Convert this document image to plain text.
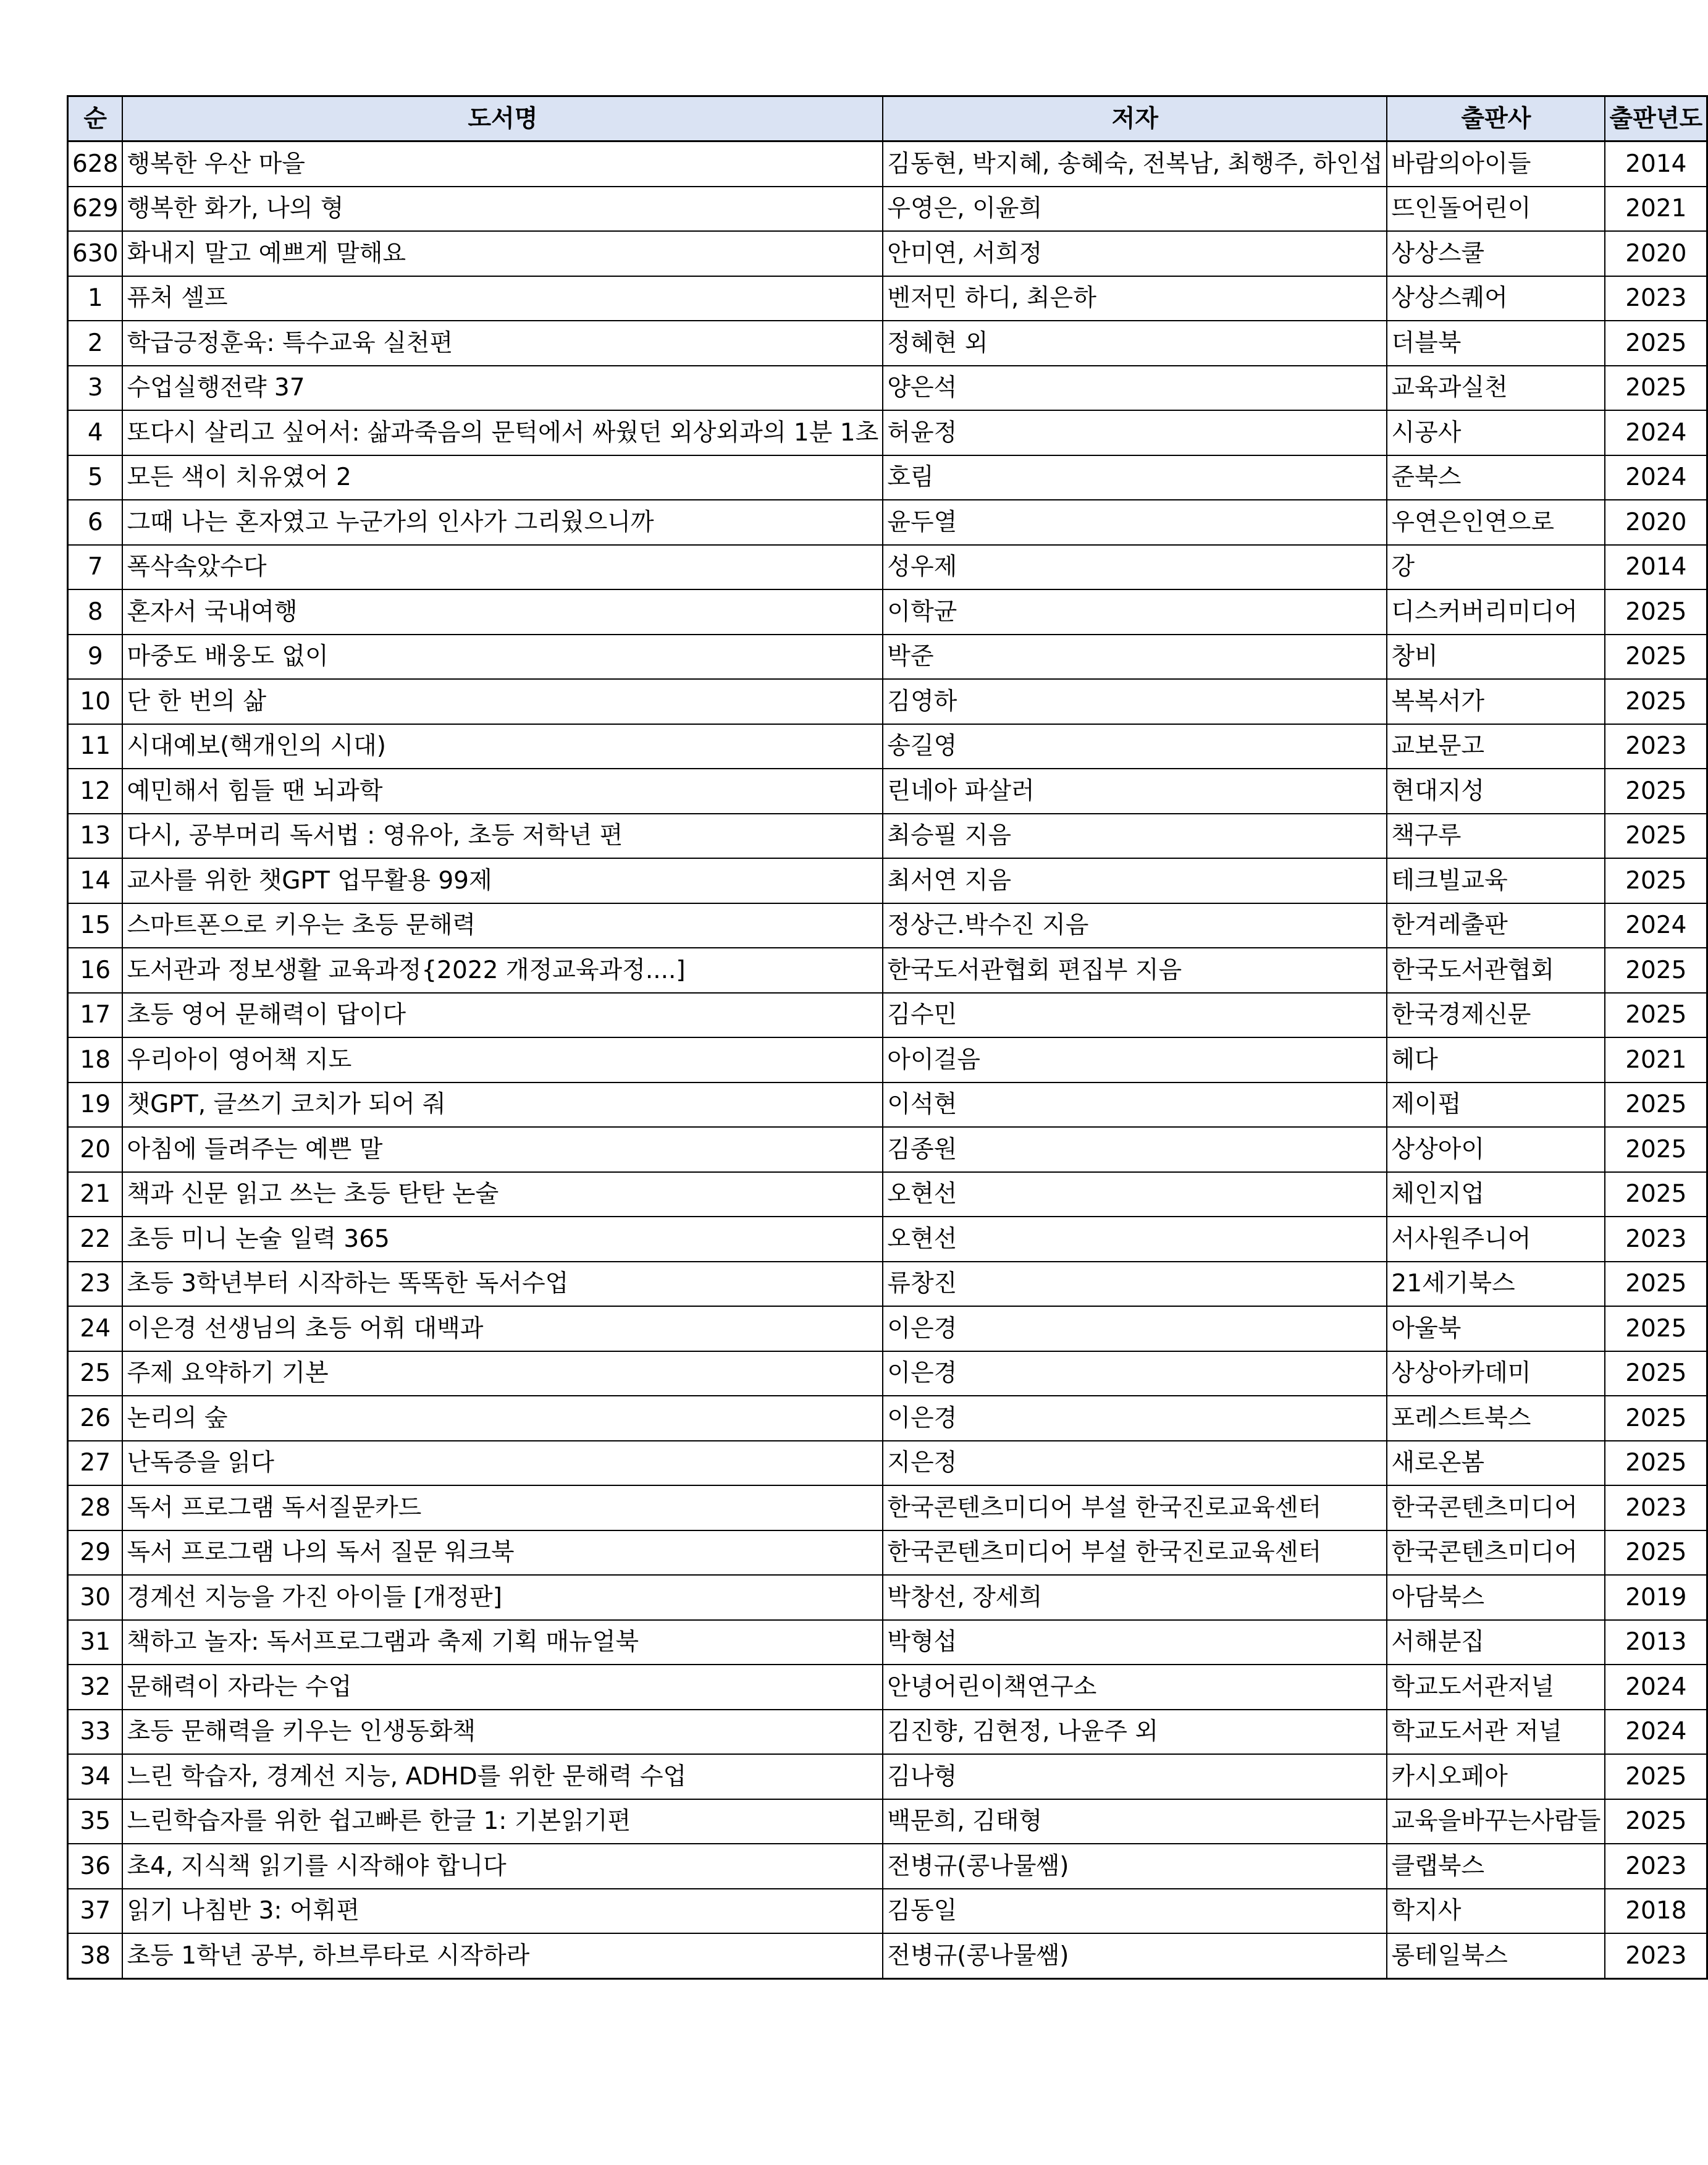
순	도서명	저자	출판사	출판년도
628	행복한 우산 마을	김동현, 박지혜, 송혜숙, 전복남, 최행주, 하인섭	바람의아이들	2014
629	행복한 화가, 나의 형	우영은, 이윤희	뜨인돌어린이	2021
630	화내지 말고 예쁘게 말해요	안미연, 서희정	상상스쿨	2020
1	퓨처 셀프	벤저민 하디, 최은하	상상스퀘어	2023
2	학급긍정훈육: 특수교육 실천편	정혜현 외	더블북	2025
3	수업실행전략 37	양은석	교육과실천	2025
4	또다시 살리고 싶어서: 삶과죽음의 문턱에서 싸웠던 외상외과의 1분 1초	허윤정	시공사	2024
5	모든 색이 치유였어 2	호림	준북스	2024
6	그때 나는 혼자였고 누군가의 인사가 그리웠으니까	윤두열	우연은인연으로	2020
7	폭삭속았수다	성우제	강	2014
8	혼자서 국내여행	이학균	디스커버리미디어	2025
9	마중도 배웅도 없이	박준	창비	2025
10	단 한 번의 삶	김영하	복복서가	2025
11	시대예보(핵개인의 시대)	송길영	교보문고	2023
12	예민해서 힘들 땐 뇌과학	린네아 파살러	현대지성	2025
13	다시, 공부머리 독서법 : 영유아, 초등 저학년 편	최승필 지음	책구루	2025
14	교사를 위한 챗GPT 업무활용 99제	최서연 지음	테크빌교육	2025
15	스마트폰으로 키우는 초등 문해력	정상근.박수진 지음	한겨레출판	2024
16	도서관과 정보생활 교육과정{2022 개정교육과정....]	한국도서관협회 편집부 지음	한국도서관협회	2025
17	초등 영어 문해력이 답이다	김수민	한국경제신문	2025
18	우리아이 영어책 지도	아이걸음	헤다	2021
19	챗GPT, 글쓰기 코치가 되어 줘	이석현	제이펍	2025
20	아침에 들려주는 예쁜 말	김종원	상상아이	2025
21	책과 신문 읽고 쓰는 초등 탄탄 논술	오현선	체인지업	2025
22	초등 미니 논술 일력 365	오현선	서사원주니어	2023
23	초등 3학년부터 시작하는 똑똑한 독서수업	류창진	21세기북스	2025
24	이은경 선생님의 초등 어휘 대백과	이은경	아울북	2025
25	주제 요약하기 기본	이은경	상상아카데미	2025
26	논리의 숲	이은경	포레스트북스	2025
27	난독증을 읽다	지은정	새로온봄	2025
28	독서 프로그램 독서질문카드	한국콘텐츠미디어 부설 한국진로교육센터	한국콘텐츠미디어	2023
29	독서 프로그램 나의 독서 질문 워크북	한국콘텐츠미디어 부설 한국진로교육센터	한국콘텐츠미디어	2025
30	경계선 지능을 가진 아이들 [개정판]	박창선, 장세희	아담북스	2019
31	책하고 놀자: 독서프로그램과 축제 기획 매뉴얼북	박형섭	서해분집	2013
32	문해력이 자라는 수업	안녕어린이책연구소	학교도서관저널	2024
33	초등 문해력을 키우는 인생동화책	김진향, 김현정, 나윤주 외	학교도서관 저널	2024
34	느린 학습자, 경계선 지능, ADHD를 위한 문해력 수업	김나형	카시오페아	2025
35	느린학습자를 위한 쉽고빠른 한글 1: 기본읽기편	백문희, 김태형	교육을바꾸는사람들	2025
36	초4, 지식책 읽기를 시작해야 합니다	전병규(콩나물쌤)	클랩북스	2023
37	읽기 나침반 3: 어휘편	김동일	학지사	2018
38	초등 1학년 공부, 하브루타로 시작하라	전병규(콩나물쌤)	롱테일북스	2023
